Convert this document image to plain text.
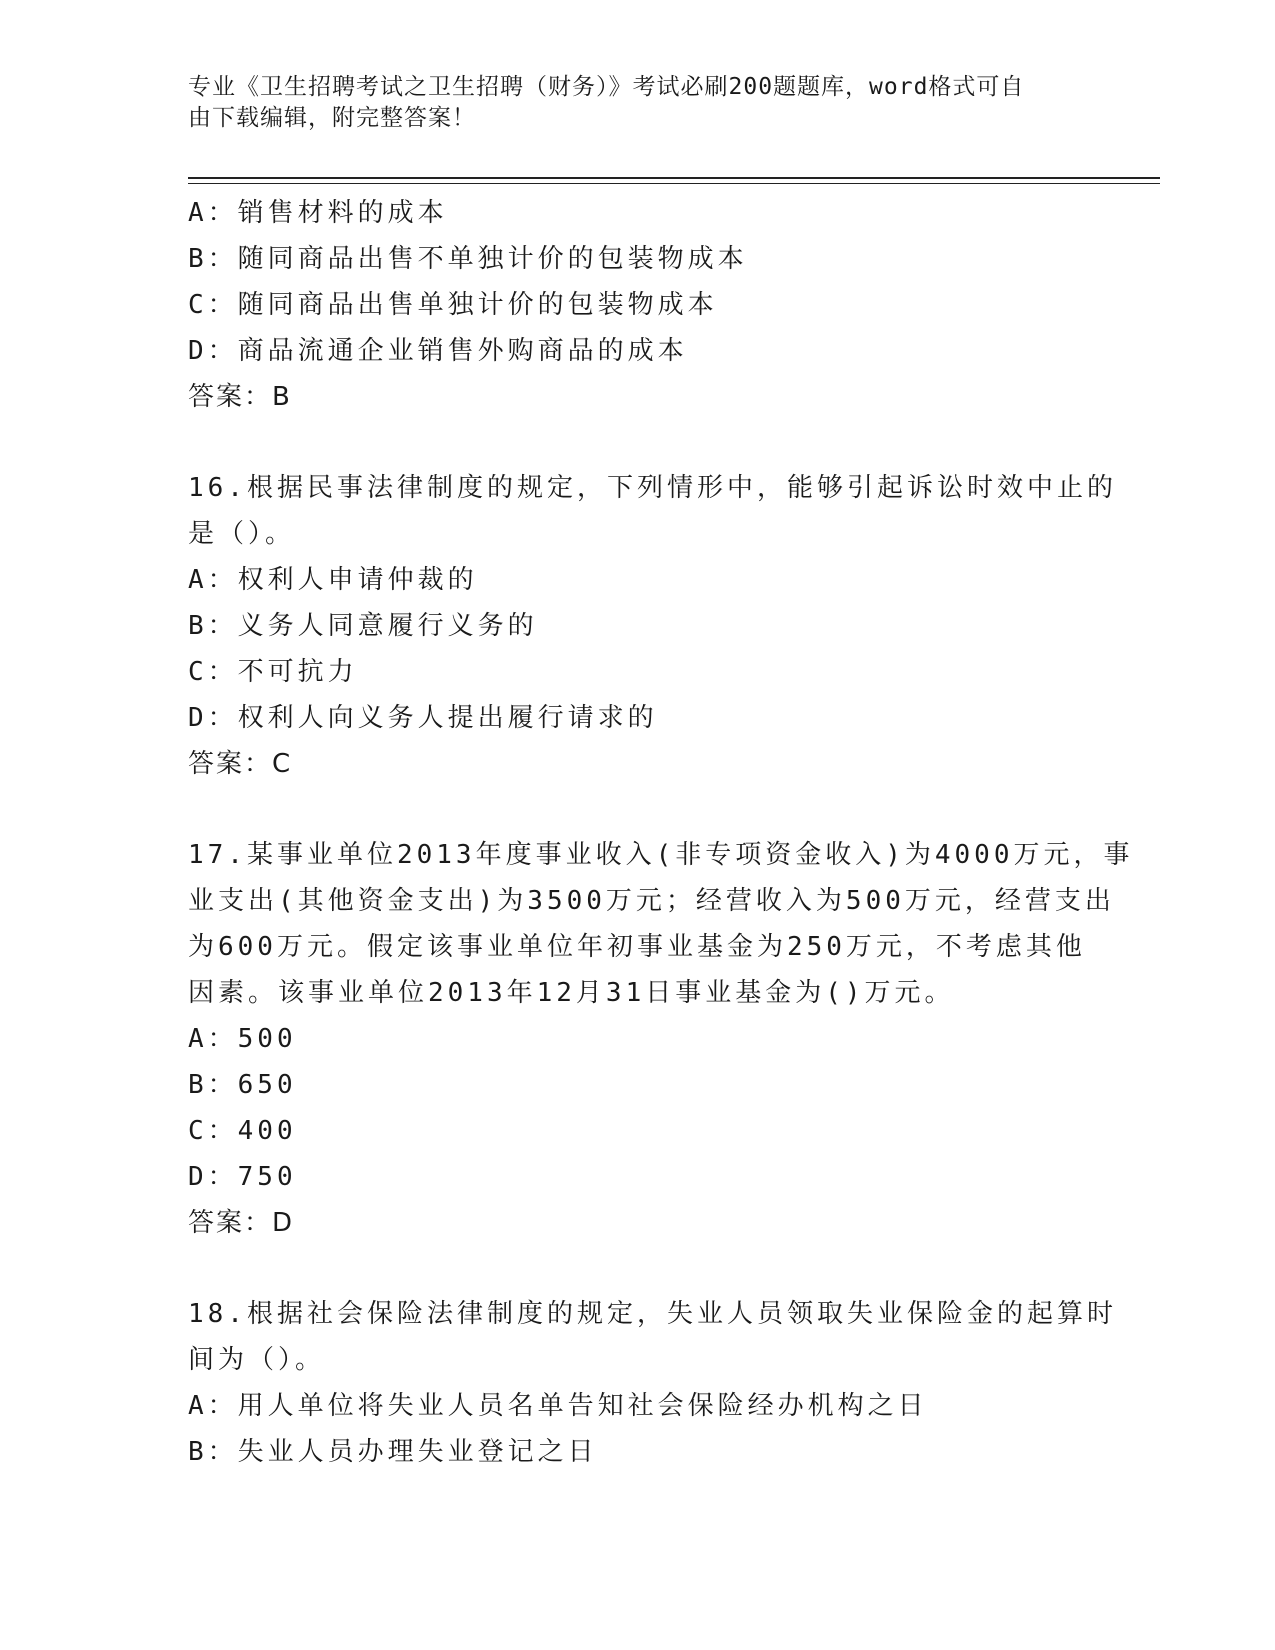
专业《卫生招聘考试之卫生招聘（财务）》考试必刷200题题库，word格式可自
由下载编辑，附完整答案！
A：销售材料的成本
B：随同商品出售不单独计价的包装物成本
C：随同商品出售单独计价的包装物成本
D：商品流通企业销售外购商品的成本
答案：B
16.根据民事法律制度的规定，下列情形中，能够引起诉讼时效中止的
是（）。
A：权利人申请仲裁的
B：义务人同意履行义务的
C：不可抗力
D：权利人向义务人提出履行请求的
答案：C
17.某事业单位2013年度事业收入(非专项资金收入)为4000万元，事
业支出(其他资金支出)为3500万元；经营收入为500万元，经营支出
为600万元。假定该事业单位年初事业基金为250万元，不考虑其他
因素。该事业单位2013年12月31日事业基金为()万元。
A：500
B：650
C：400
D：750
答案：D
18.根据社会保险法律制度的规定，失业人员领取失业保险金的起算时
间为（）。
A：用人单位将失业人员名单告知社会保险经办机构之日
B：失业人员办理失业登记之日
